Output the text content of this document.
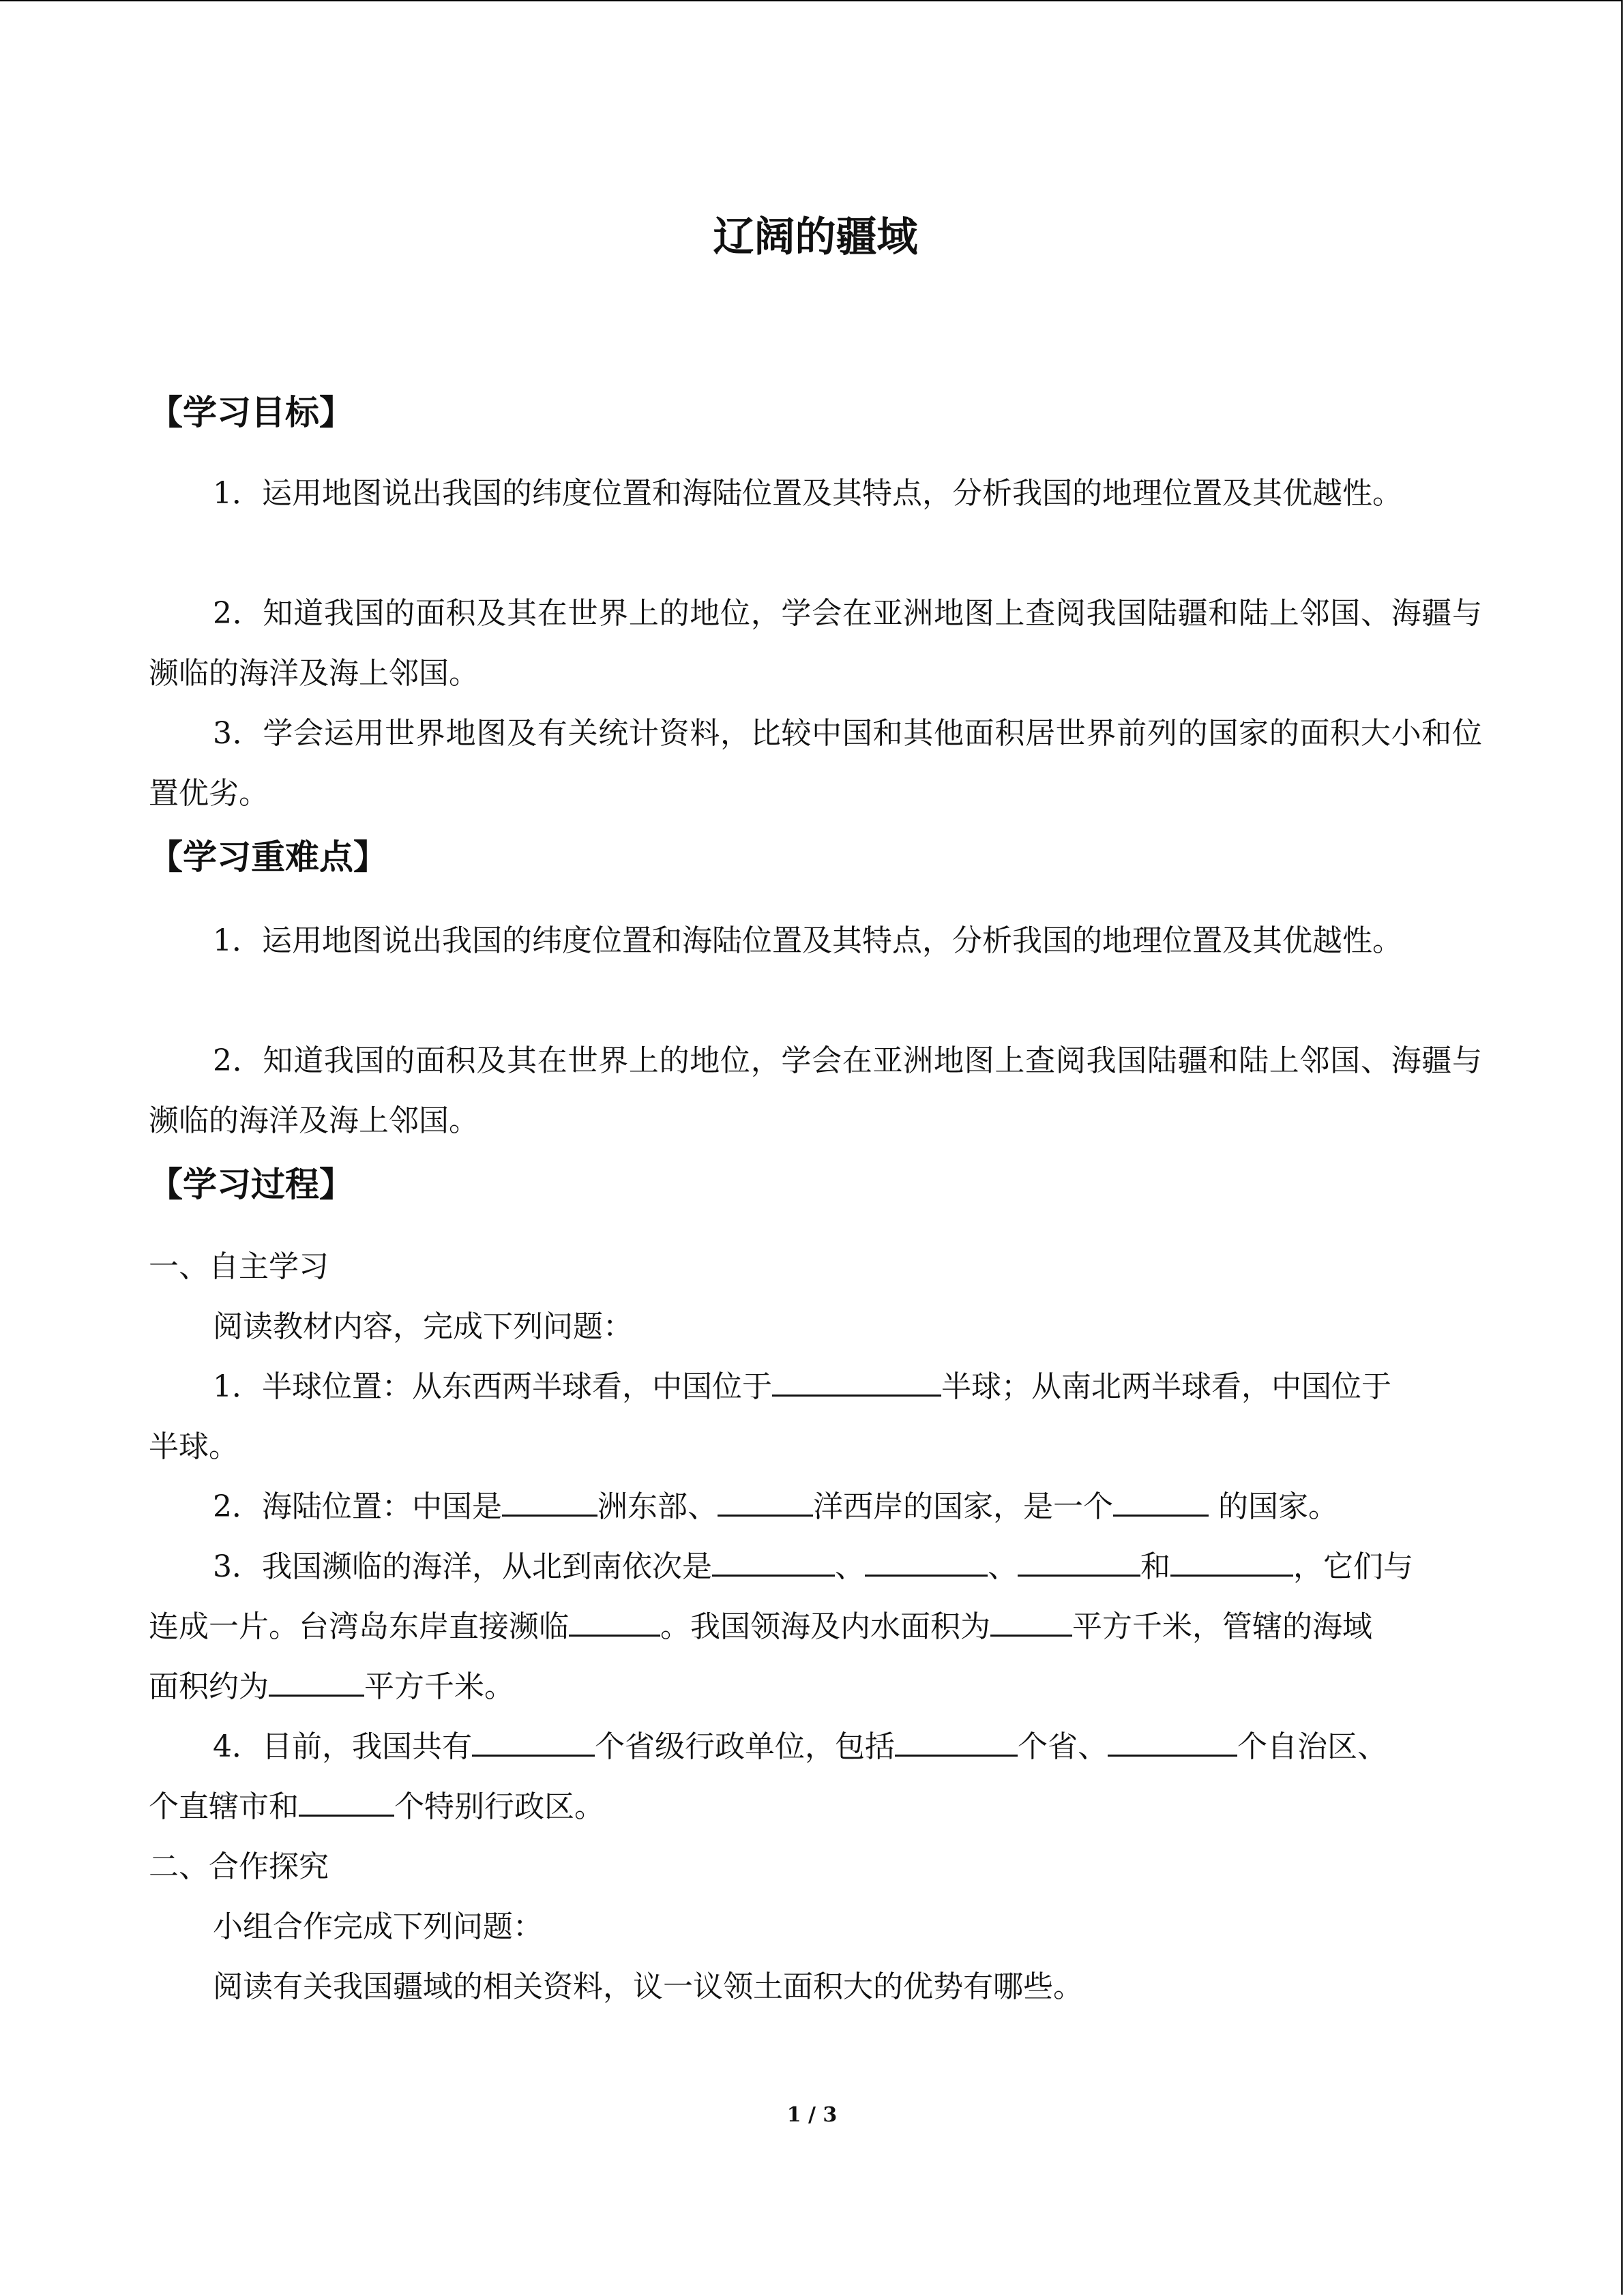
辽阔的疆域
【学习目标】
1．运用地图说出我国的纬度位置和海陆位置及其特点，分析我国的地理位置及其优越性。
2．知道我国的面积及其在世界上的地位，学会在亚洲地图上查阅我国陆疆和陆上邻国、海疆与濒临的海洋及海上邻国。
3．学会运用世界地图及有关统计资料，比较中国和其他面积居世界前列的国家的面积大小和位置优劣。
【学习重难点】
1．运用地图说出我国的纬度位置和海陆位置及其特点，分析我国的地理位置及其优越性。
2．知道我国的面积及其在世界上的地位，学会在亚洲地图上查阅我国陆疆和陆上邻国、海疆与濒临的海洋及海上邻国。
【学习过程】
一、自主学习
阅读教材内容，完成下列问题：
1．半球位置：从东西两半球看，中国位于	半球；从南北两半球看，中国位于
半球。
2．海陆位置：中国是	洲东部、	洋西岸的国家，是一个	的国家。
3．我国濒临的海洋，从北到南依次是	、	、	和	，它们与
连成一片。台湾岛东岸直接濒临	。我国领海及内水面积为	平方千米，管辖的海域
面积约为	平方千米。
4．目前，我国共有	个省级行政单位，包括	个省、	个自治区、
个直辖市和	个特别行政区。
二、合作探究
小组合作完成下列问题：
阅读有关我国疆域的相关资料，议一议领土面积大的优势有哪些。
1 / 3
